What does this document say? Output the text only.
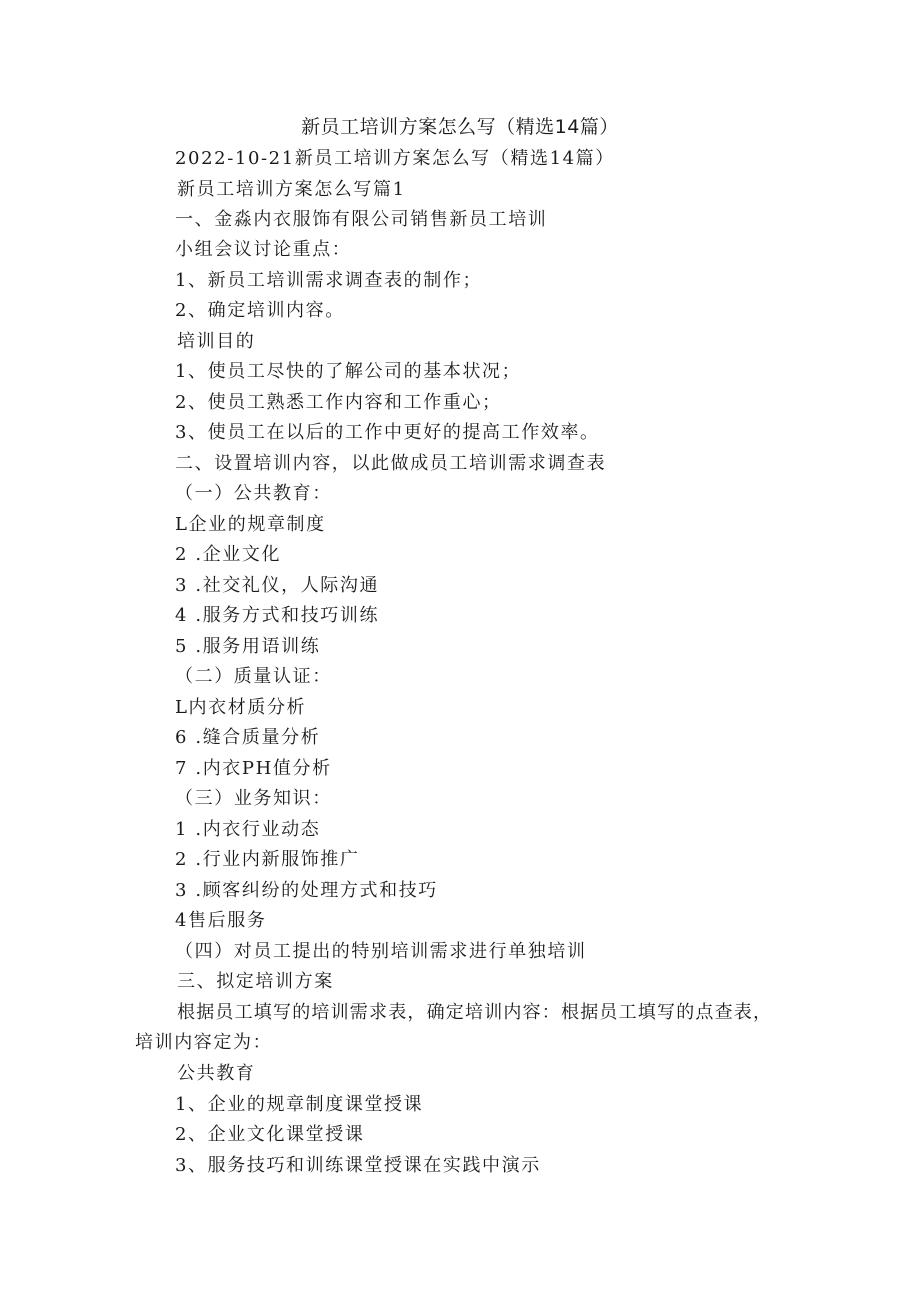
新员工培训方案怎么写（精选14篇）
2022-10-21新员工培训方案怎么写（精选14篇）
新员工培训方案怎么写篇1
一、金淼内衣服饰有限公司销售新员工培训
小组会议讨论重点：
1、新员工培训需求调查表的制作；
2、确定培训内容。
培训目的
1、使员工尽快的了解公司的基本状况；
2、使员工熟悉工作内容和工作重心；
3、使员工在以后的工作中更好的提高工作效率。
二、设置培训内容，以此做成员工培训需求调查表
（一）公共教育：
L企业的规章制度
2 .企业文化
3 .社交礼仪，人际沟通
4 .服务方式和技巧训练
5 .服务用语训练
（二）质量认证：
L内衣材质分析
6 .缝合质量分析
7 .内衣PH值分析
（三）业务知识：
1 .内衣行业动态
2 .行业内新服饰推广
3 .顾客纠纷的处理方式和技巧
4售后服务
（四）对员工提出的特别培训需求进行单独培训
三、拟定培训方案
根据员工填写的培训需求表，确定培训内容：根据员工填写的点查表，
培训内容定为：
公共教育
1、企业的规章制度课堂授课
2、企业文化课堂授课
3、服务技巧和训练课堂授课在实践中演示
